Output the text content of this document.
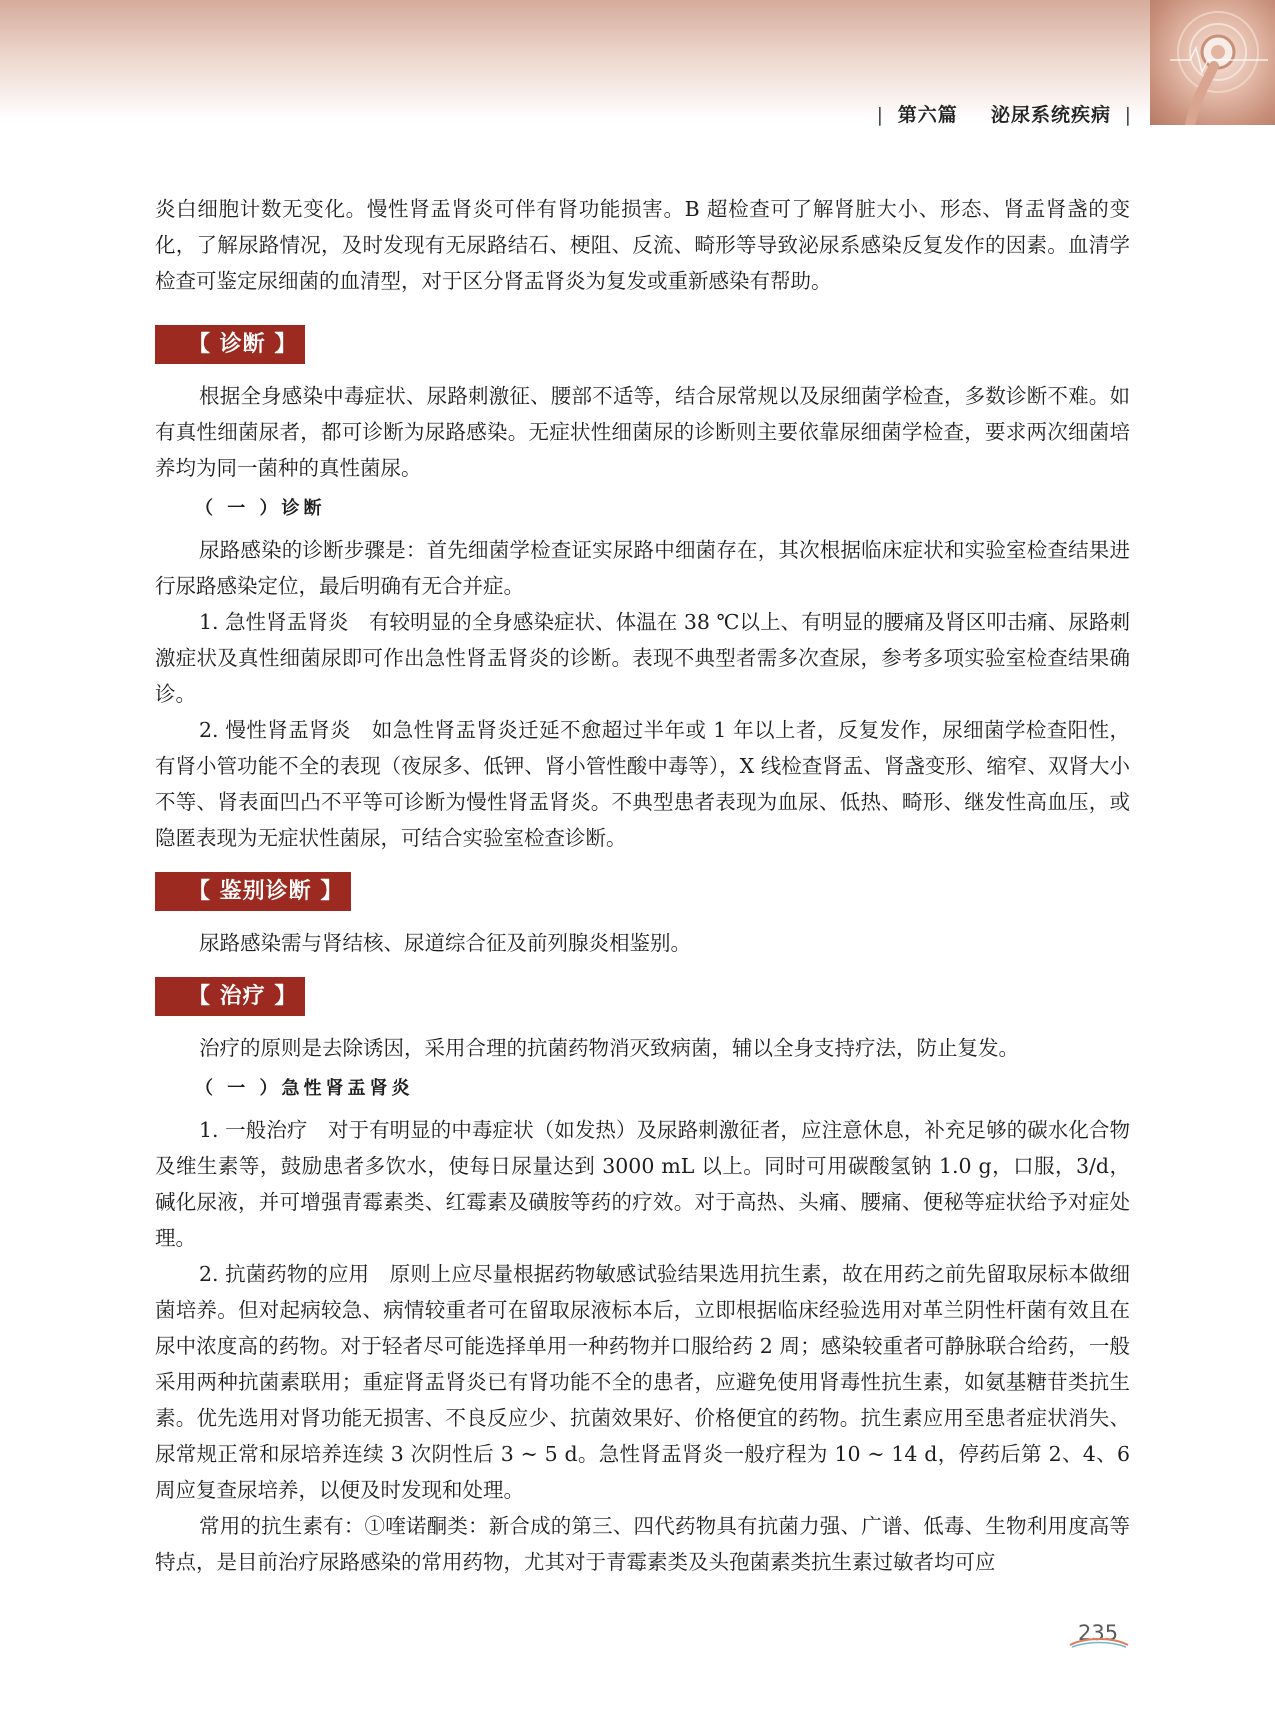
| 第六篇 泌尿系统疾病 |

炎白细胞计数无变化。慢性肾盂肾炎可伴有肾功能损害。B 超检查可了解肾脏大小、形态、肾盂肾盏的变化，了解尿路情况，及时发现有无尿路结石、梗阻、反流、畸形等导致泌尿系感染反复发作的因素。血清学检查可鉴定尿细菌的血清型，对于区分肾盂肾炎为复发或重新感染有帮助。

【 诊断 】

根据全身感染中毒症状、尿路刺激征、腰部不适等，结合尿常规以及尿细菌学检查，多数诊断不难。如有真性细菌尿者，都可诊断为尿路感染。无症状性细菌尿的诊断则主要依靠尿细菌学检查，要求两次细菌培养均为同一菌种的真性菌尿。

（ 一 ）诊断

尿路感染的诊断步骤是：首先细菌学检查证实尿路中细菌存在，其次根据临床症状和实验室检查结果进行尿路感染定位，最后明确有无合并症。

1. 急性肾盂肾炎　有较明显的全身感染症状、体温在 38 ℃以上、有明显的腰痛及肾区叩击痛、尿路刺激症状及真性细菌尿即可作出急性肾盂肾炎的诊断。表现不典型者需多次查尿，参考多项实验室检查结果确诊。

2. 慢性肾盂肾炎　如急性肾盂肾炎迁延不愈超过半年或 1 年以上者，反复发作，尿细菌学检查阳性，有肾小管功能不全的表现（夜尿多、低钾、肾小管性酸中毒等），X 线检查肾盂、肾盏变形、缩窄、双肾大小不等、肾表面凹凸不平等可诊断为慢性肾盂肾炎。不典型患者表现为血尿、低热、畸形、继发性高血压，或隐匿表现为无症状性菌尿，可结合实验室检查诊断。

【 鉴别诊断 】

尿路感染需与肾结核、尿道综合征及前列腺炎相鉴别。

【 治疗 】

治疗的原则是去除诱因，采用合理的抗菌药物消灭致病菌，辅以全身支持疗法，防止复发。

（ 一 ）急性肾盂肾炎

1. 一般治疗　对于有明显的中毒症状（如发热）及尿路刺激征者，应注意休息，补充足够的碳水化合物及维生素等，鼓励患者多饮水，使每日尿量达到 3000 mL 以上。同时可用碳酸氢钠 1.0 g，口服，3/d，碱化尿液，并可增强青霉素类、红霉素及磺胺等药的疗效。对于高热、头痛、腰痛、便秘等症状给予对症处理。

2. 抗菌药物的应用　原则上应尽量根据药物敏感试验结果选用抗生素，故在用药之前先留取尿标本做细菌培养。但对起病较急、病情较重者可在留取尿液标本后，立即根据临床经验选用对革兰阴性杆菌有效且在尿中浓度高的药物。对于轻者尽可能选择单用一种药物并口服给药 2 周；感染较重者可静脉联合给药，一般采用两种抗菌素联用；重症肾盂肾炎已有肾功能不全的患者，应避免使用肾毒性抗生素，如氨基糖苷类抗生素。优先选用对肾功能无损害、不良反应少、抗菌效果好、价格便宜的药物。抗生素应用至患者症状消失、尿常规正常和尿培养连续 3 次阴性后 3 ~ 5 d。急性肾盂肾炎一般疗程为 10 ~ 14 d，停药后第 2、4、6 周应复查尿培养，以便及时发现和处理。

常用的抗生素有：①喹诺酮类：新合成的第三、四代药物具有抗菌力强、广谱、低毒、生物利用度高等特点，是目前治疗尿路感染的常用药物，尤其对于青霉素类及头孢菌素类抗生素过敏者均可应

235
